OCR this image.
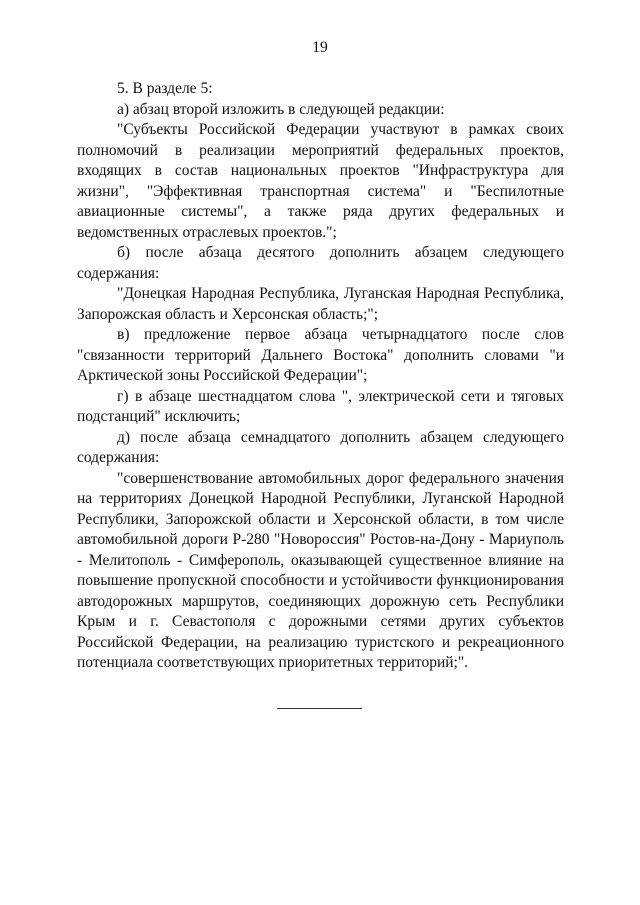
19

5. В разделе 5:

а) абзац второй изложить в следующей редакции:

"Субъекты Российской Федерации участвуют в рамках своих полномочий в реализации мероприятий федеральных проектов, входящих в состав национальных проектов "Инфраструктура для жизни", "Эффективная транспортная система" и "Беспилотные авиационные системы", а также ряда других федеральных и ведомственных отраслевых проектов.";

б) после абзаца десятого дополнить абзацем следующего содержания:

"Донецкая Народная Республика, Луганская Народная Республика, Запорожская область и Херсонская область;";

в) предложение первое абзаца четырнадцатого после слов "связанности территорий Дальнего Востока" дополнить словами "и Арктической зоны Российской Федерации";

г) в абзаце шестнадцатом слова ", электрической сети и тяговых подстанций" исключить;

д) после абзаца семнадцатого дополнить абзацем следующего содержания:

"совершенствование автомобильных дорог федерального значения на территориях Донецкой Народной Республики, Луганской Народной Республики, Запорожской области и Херсонской области, в том числе автомобильной дороги Р-280 "Новороссия" Ростов-на-Дону - Мариуполь - Мелитополь - Симферополь, оказывающей существенное влияние на повышение пропускной способности и устойчивости функционирования автодорожных маршрутов, соединяющих дорожную сеть Республики Крым и г. Севастополя с дорожными сетями других субъектов Российской Федерации, на реализацию туристского и рекреационного потенциала соответствующих приоритетных территорий;".
